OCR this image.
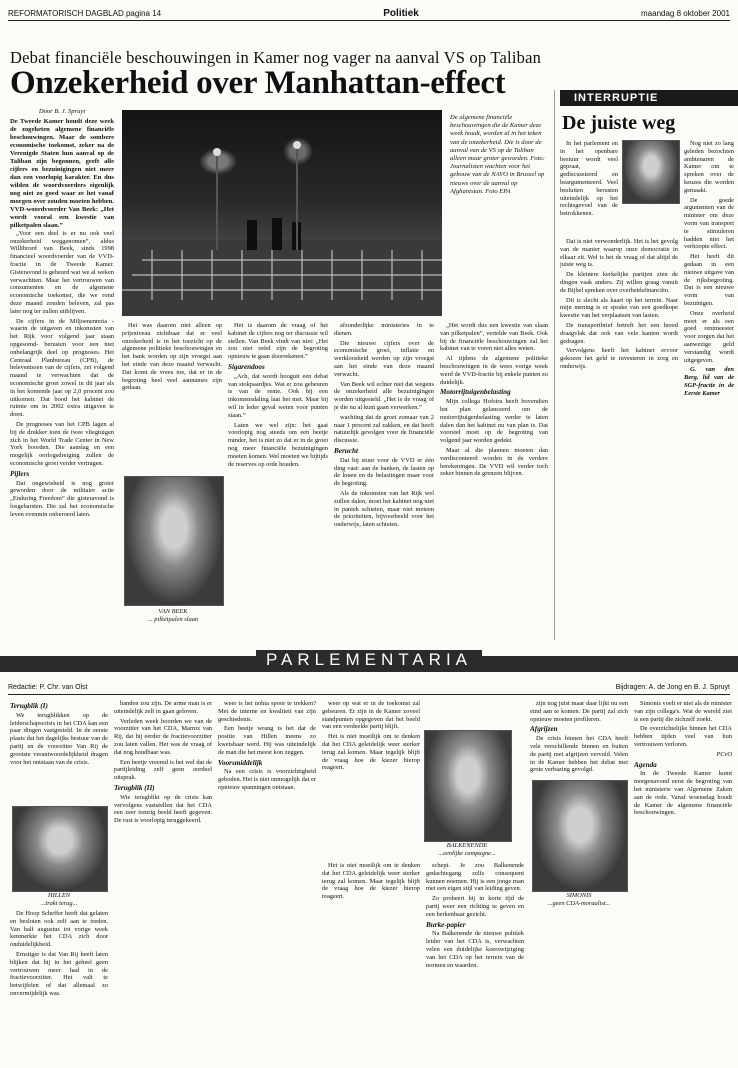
REFORMATORISCH DAGBLAD pagina 14	Politiek	maandag 8 oktober 2001
Debat financiële beschouwingen in Kamer nog vager na aanval VS op Taliban
Onzekerheid over Manhattan-effect
Door B. J. Spruyt
De Tweede Kamer houdt deze week de zogeheten algemene financiële beschouwingen. Maar de sombere economische toekomst, zeker na de Verenigde Staten hun aanval op de Taliban zijn begonnen, geeft alle cijfers en bezuinigingen niet meer dan een voorlopig karakter. En dus wilden de woordvoerders eigenlijk nog niet zo goed waar ze het vanaf morgen over zouden moeten hebben. VVD-woordvoerder Van Beek: „Het wordt vooral een kwestie van pilketpalen slaan.”

„Voor een deel is er nu ook veel onzekerheid weggenomen”, aldus Willibrord van Beek, sinds 1998 financieel woordvoerder van de VVD-fractie in de Tweede Kamer. Gisteravond is gebeurd wat we al weken verwachtten. Maar het vertrouwen van consumenten en de algemene economische toekomst, die we rond deze maand zouden beleven, zal pas later nog ter zullen uitblijven.

De cijfers in de Miljoenennota -waarin de uitgaven en inkomsten van het Rijk voor volgend jaar staan opgesomd- berusten voor een niet onbelangrijk deel op prognoses. Het Centraal Planbureau (CPB), de belevenissen van de cijfers, zei volgend maand te verwachten dat de economische groei zowel in dit jaar als in het komende jaar op 2,0 procent zou uitkomen. Dat bood het kabinet de ruimte om in 2002 extra uitgaven te doen.

De prognoses van het CPB lagen al bij de drukker toen de twee vliegtuigen zich in het World Trade Center in New York boorden. Die aanslag en een mogelijk oorlogsdreiging zullen de economische groei verder vertragen.

Pijlers

Dat ongewisheid is nog groter geworden door de militaire actie „Enduring Freedom” die gisteravond is losgebarsten. Die zal het economische leven evenmin onberoerd laten.

De algemene financiële beschouwingen die de Kamer deze week houdt, worden al in het teken van de onzekerheid. Die is door de aanval van de VS op de Taliban alleen maar groter geworden. Foto: Journalisten wachten voor het gebouw van de NAVO in Brussel op nieuws over de aanval op Afghanistan. Foto EPA

Het was daarom niet alleen op prijsniveau zichtbaar dat er veel onzekerheid is in het toezicht op de algemene politieke beschouwingen en het bank worden op zijn vroegst aan het einde van deze maand verwacht. Dat komt de vrees toe, dat er in de begroting heel veel aannames zijn gedaan.

VAN BEEK
... pilketpalen slaan

Het is daarom de vraag of het kabinet de cijfers nog ter discussie wil stellen. Van Beek vindt van niet: „Het zou niet reëel zijn de begroting opnieuw te gaan doorrekenen.”

Sigarendoos

„Ach, dat wordt hooguit een debat van stokpaardjes. Wat er zou gebeuren is van de rente. Ook bij een inkomensdaling laat het met. Maar bij wil in leder geval weten voor punten staan.”

Laten we wel zijn: het gaat voorlopig nog steeds om een beetje minder, het is niet zo dat er in de groei nog meer financiële bezuinigingen moeten komen. Wel moeten we bijtijds de reserves op orde houden.

afzonderlijke ministeries in te dienen.

Die nieuwe cijfers over de economische groei, inflatie en werkloosheid werden op zijn vroegst aan het einde van deze maand verwacht.

Van Beek wil echter niet dat wegens de onzekerheid alle bezuinigingen worden uitgesteld. „Het is de vraag of je die nu al kunt gaan verwerken.”

wachting dat de groei zomaar van 2 naar 1 procent zal zakken, en dat heeft natuurlijk gevolgen voor de financiële discussie.

Berucht

Dat bij stuur voor de VVD er één ding vast: aan de banken, de lasten op de lonen en de belastingen maar voor de begroting.

Als de inkomsten van het Rijk wel zullen dalen, moet het kabinet nog niet in paniek schieten, maar niet meteen de prioriteiten, bijvoorbeeld voor het onderwijs, laten schieten.

„Het wordt dus een kwestie van slaan van pilketpalen”, vertelde van Beek. Ook bij de financiële beschouwingen zal het kabinet van te voren niet alles weten.

Al tijdens de algemene politieke beschouwingen in de wees vorige week werd de VVD-fractie bij enkele punten zo duidelijk.

Motorrijtuigenbelasting

Mijn collega Hofstra heeft bovendien het plan gelanceerd om de motorrijtuigenbelasting verder te laten dalen dan het kabinet nu van plan is. Dat voorstel moet op de begroting van volgend jaar worden gedekt.

Maar al die plannen moeten dan verdisconteerd worden in de verdere berekeningen. De VVD wil verder toch zeker binnen de grenzen blijven.

INTERRUPTIE
De juiste weg

In het parlement en in het openbare bestuur wordt veel gepraat, gediscussieerd en beargumenteerd. Veel besluiten berusten uiteindelijk op het rechtsgevoel van de betrokkenen.

Dat is niet verwonderlijk. Het is het gevolg van de manier waarop onze democratie in elkaar zit. Wel is het de vraag of dat altijd de juiste weg is.

De kleinere kerkelijke partijen zien de dingen vaak anders. Zij willen graag vanuit de Bijbel spreken over overheidsfinanciën.

Dit is slecht als kaart op het terrein. Naar mijn mening is er sprake van een goedkope kwestie van het verplaatsen van lasten.

De transportbrief betreft het een breed draagvlak dat ook van vele kanten wordt gedragen.

Vervolgens heeft het kabinet ervoor gekozen het geld te investeren in zorg en onderwijs.

Nog niet zo lang geleden bezochten ambtenaren de Kamer om te spreken over de keuzes die worden gemaakt.

De goede argumenten van de minister om deze vorm van transport te stimuleren hadden niet het verhoopte effect.

Het heeft dit gedaan in een nieuwe uitgave van de rijksbegroting. Dat is een nieuwe vorm van bezuinigen.

Onze overheid moet er als een goed rentmeester voor zorgen dat het aanwezige geld verstandig wordt uitgegeven.

G. van den Berg, lid van de SGP-fractie in de Eerste Kamer

PARLEMENTARIA
Redactie: P. Chr. van Olst	Bijdragen: A. de Jong en B. J. Spruyt
Terugblik (I)

We terugblikken op de leiderschapscrisis in het CDA kan een paar dingen vastgesteld. In de eerste plaats dat het dagelijks bestuur van de partij en de voorzitter Van Rij de grootste verantwoordelijkheid dragen voor het ontstaan van de crisis.

HILLEN
...trakt terug...

De Hoop Scheffer heeft dat gelaten en besloten ook zelf aan te treden. Van half augustus tot vorige week kenmerkte het CDA zich door onduidelijkheid.

Ernstiger is dat Van Rij heeft laten blijken dat hij in het geheel geen vertrouwen meer had in de fractievoorzitter. Het valt te betwijfelen of dat allemaal zo onvermijdelijk was.

handen zou zijn. De arme man is er uiteindelijk zelf in gaan geloven.

Verleden week hoorden we van de voorzitter van het CDA, Marnix van Rij, dat hij eerder de fractievoorzitter zou laten vallen. Het was de vraag of dat nog houdbaar was.

Een beetje vreemd is het wel dat de partijleiding zelf geen oordeel uitsprak.

Terugblik (II)

Wie terugblikt op de crisis kan vervolgens vaststellen dat het CDA een zeer treurig beeld heeft gegeven. De rust is voorlopig teruggekeerd.

weer is het nohta spoor te trekken? Met de interne en kwaliteit van zijn geschiedenis.

Een beetje wrang is het dat de positie van Hillen ineens zo kwetsbaar werd. Hij was uiteindelijk de man die het meest kon zeggen.

Voorsmiddelijk

Na een crisis is voorzichtigheid geboden. Het is niet onmogelijk dat er opnieuw spanningen ontstaan.

weer op wat er in de toekomst zal gebeuren. Er zijn in de Kamer zoveel standpunten opgegeven dat het beeld van een verdeelde partij blijft.

Het is niet moeilijk om te denken dat het CDA geleidelijk weer sterker terug zal komen. Maar tegelijk blijft de vraag hoe de kiezer hierop reageert.

BALKENENDE
...eenlijke campagne...

Het is niet moeilijk om te denken dat het CDA geleidelijk weer sterker terug zal komen. Maar tegelijk blijft de vraag hoe de kiezer hierop reageert.

schept. Je zou Balkenende gedachtegang zelfs consequent kunnen noemen. Hij is een jonge man met een eigen stijl van leiding geven.

Zo probeert hij in korte tijd de partij weer een richting te geven en een herkenbaar gezicht.

Burke-papier

Na Balkenende de nieuwe politiek leider van het CDA is, verwachten velen een duidelijke koerswijziging van het CDA op het terrein van de normen en waarden.

zijn nog juist maar daar lijkt nu een eind aan te komen. De partij zal zich opnieuw moeten profileren.

Afgrijzen

De crisis binnen het CDA heeft vele verschillende binnen en buiten de partij met afgrijzen vervuld. Velen in de Kamer hebben het debat met grote verbazing gevolgd.

SIMONIS
...geen CDA-moraalist...

Simonis voelt er niet als de minister van zijn collega's. Wat de wereld ziet is een partij die zichzelf zoekt.

De overzichtelijke binnen het CDA hebben tijden veel van hun vertrouwen verloren.

PCvO

Agenda

In de Tweede Kamer komt morgenavond eerst de begroting van het ministerie van Algemene Zaken aan de orde. Vanaf woensdag houdt de Kamer de algemene financiële beschouwingen.
